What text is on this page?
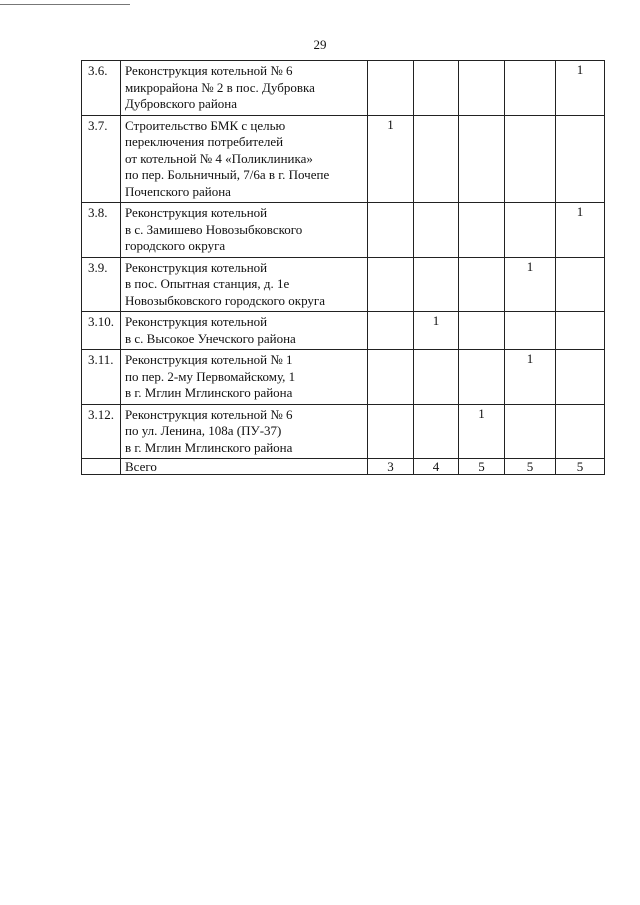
29
3.6.	Реконструкция котельной № 6
микрорайона № 2 в пос. Дубровка
Дубровского района					1
3.7.	Строительство БМК с целью
переключения потребителей
от котельной № 4 «Поликлиника»
по пер. Больничный, 7/6а в г. Почепе
Почепского района	1				
3.8.	Реконструкция котельной
в с. Замишево Новозыбковского
городского округа					1
3.9.	Реконструкция котельной
в пос. Опытная станция, д. 1е
Новозыбковского городского округа				1	
3.10.	Реконструкция котельной
в с. Высокое Унечского района		1			
3.11.	Реконструкция котельной № 1
по пер. 2-му Первомайскому, 1
в г. Мглин Мглинского района				1	
3.12.	Реконструкция котельной № 6
по ул. Ленина, 108а (ПУ-37)
в г. Мглин Мглинского района			1		
	Всего	3	4	5	5	5
